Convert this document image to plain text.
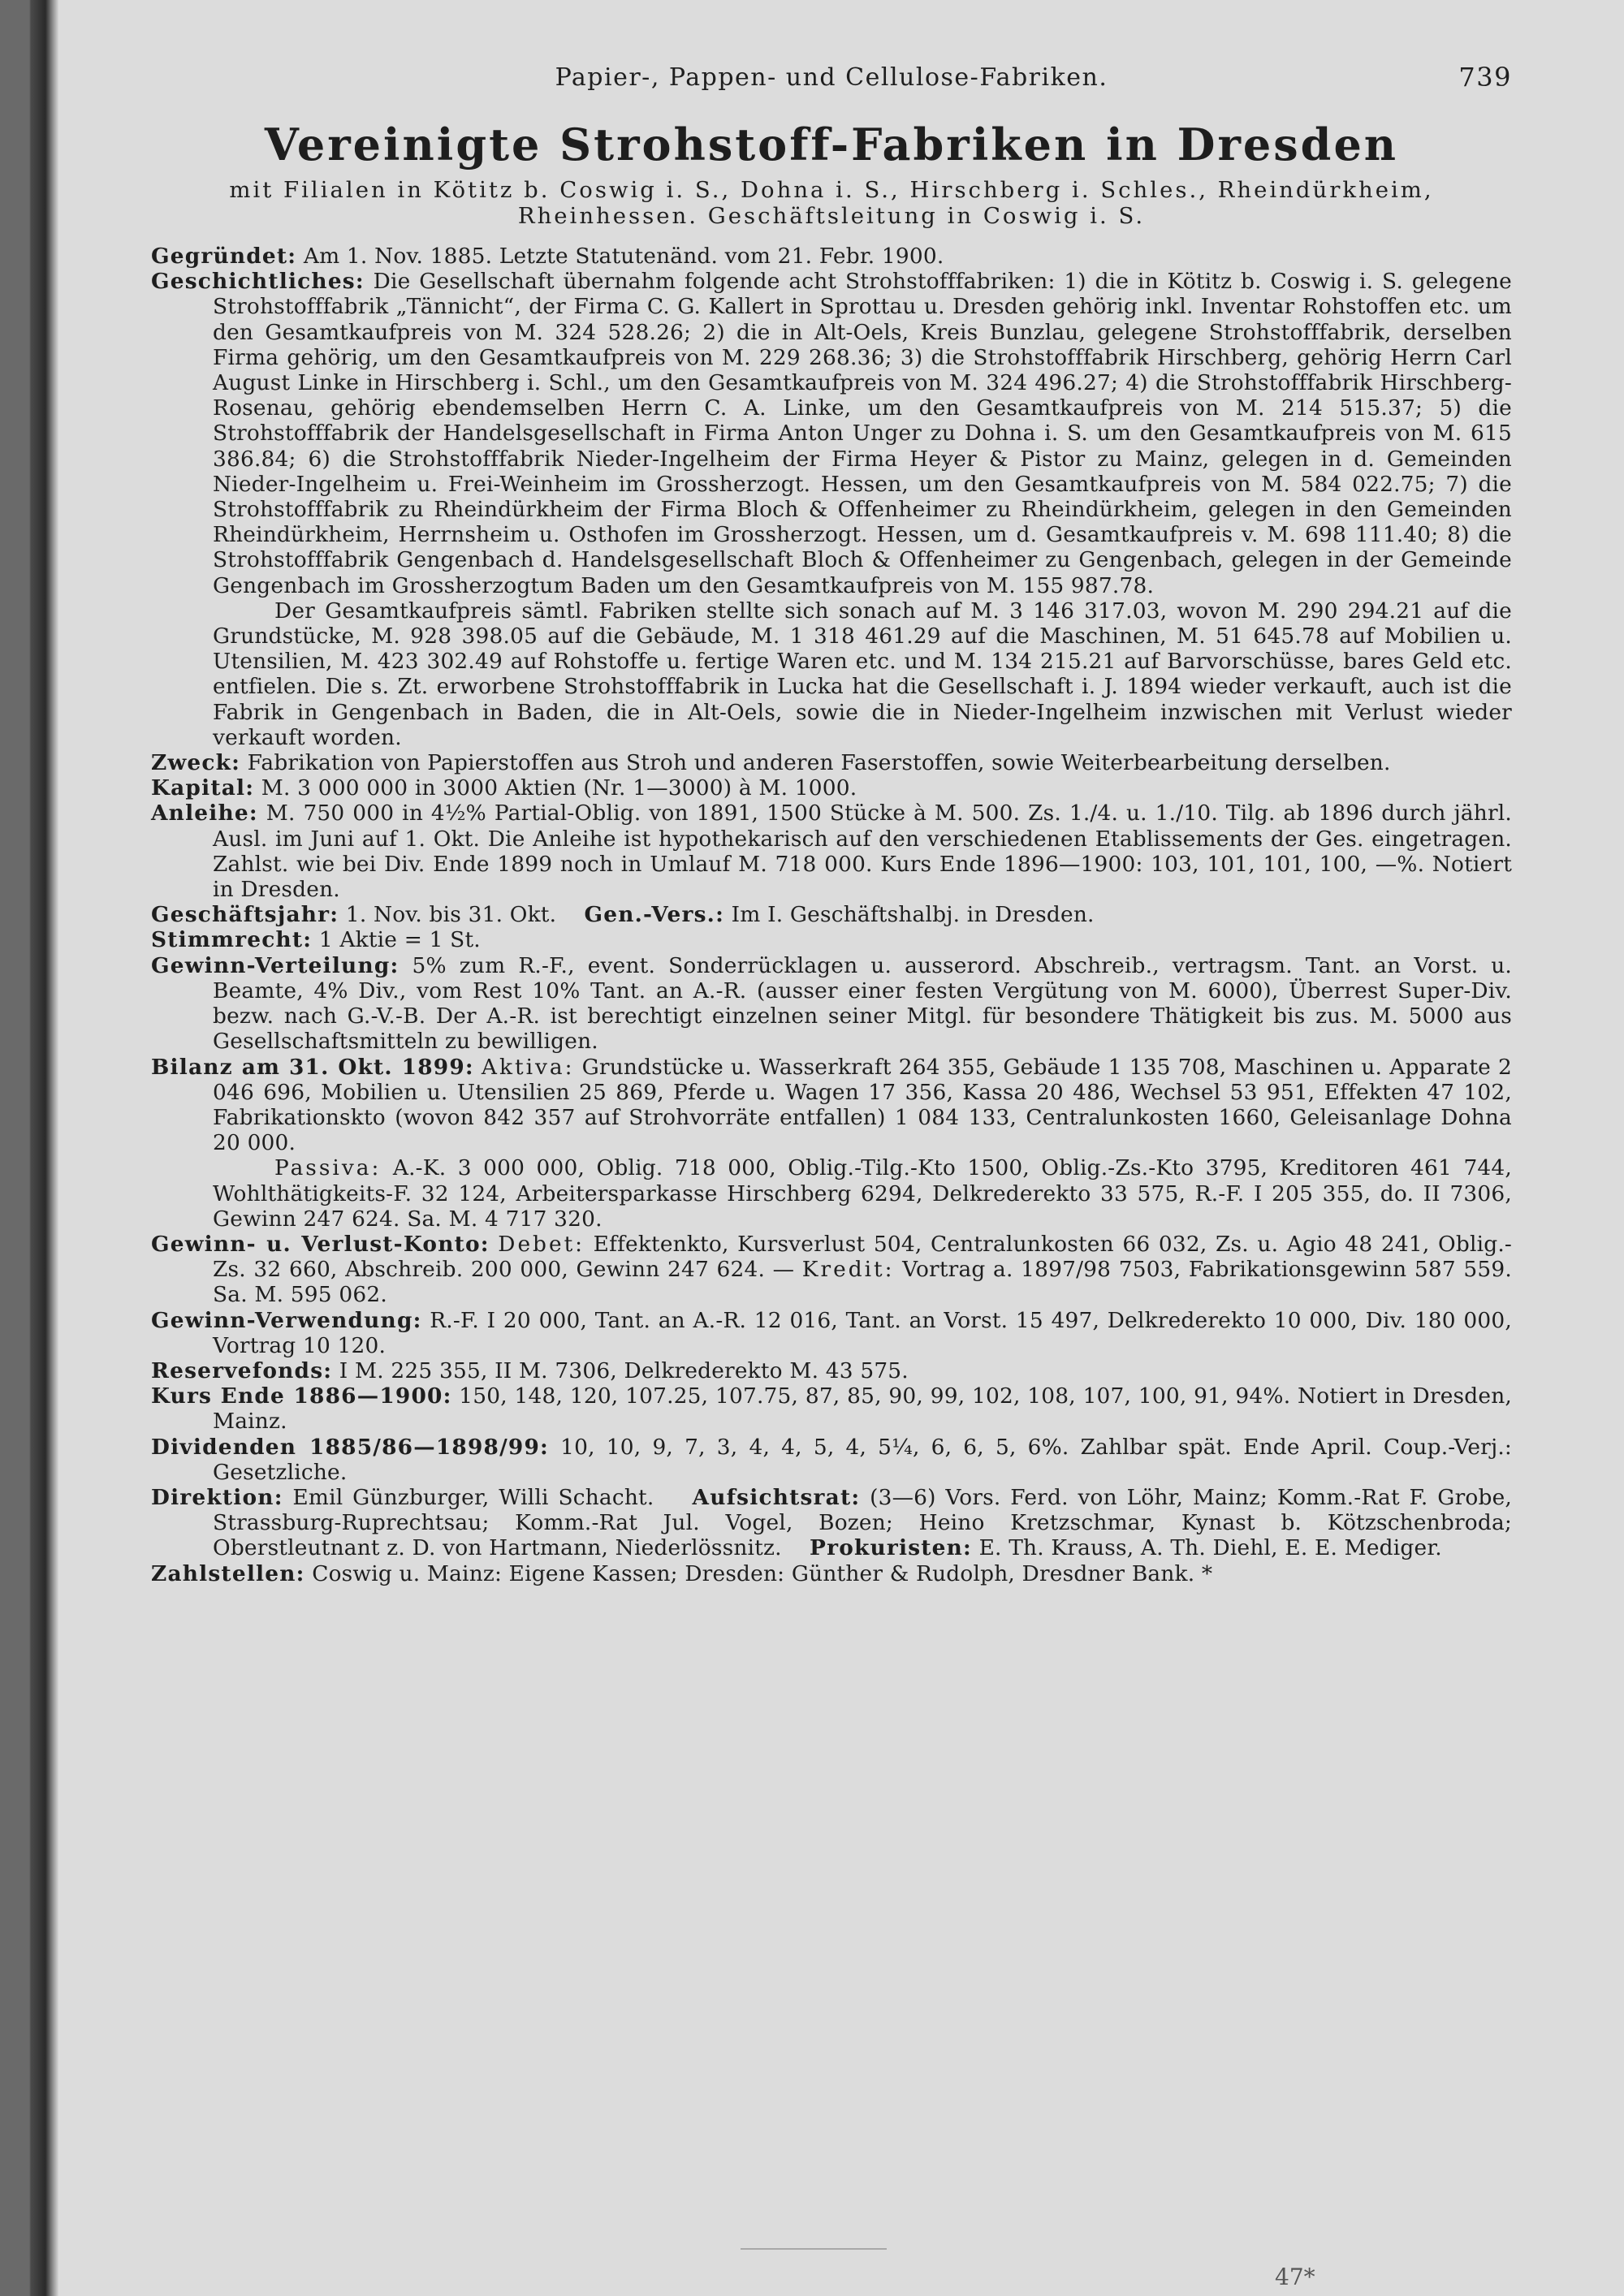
Papier-, Pappen- und Cellulose-Fabriken.	739
Vereinigte Strohstoff-Fabriken in Dresden
mit Filialen in Kötitz b. Coswig i. S., Dohna i. S., Hirschberg i. Schles., Rheindürkheim, Rheinhessen. Geschäftsleitung in Coswig i. S.

Gegründet: Am 1. Nov. 1885. Letzte Statutenänd. vom 21. Febr. 1900.

Geschichtliches: Die Gesellschaft übernahm folgende acht Strohstofffabriken: 1) die in Kötitz b. Coswig i. S. gelegene Strohstofffabrik „Tännicht“, der Firma C. G. Kallert in Sprottau u. Dresden gehörig inkl. Inventar Rohstoffen etc. um den Gesamtkaufpreis von M. 324 528.26; 2) die in Alt-Oels, Kreis Bunzlau, gelegene Strohstofffabrik, derselben Firma gehörig, um den Gesamtkaufpreis von M. 229 268.36; 3) die Strohstofffabrik Hirschberg, gehörig Herrn Carl August Linke in Hirschberg i. Schl., um den Gesamtkaufpreis von M. 324 496.27; 4) die Strohstofffabrik Hirschberg-Rosenau, gehörig ebendemselben Herrn C. A. Linke, um den Gesamtkaufpreis von M. 214 515.37; 5) die Strohstofffabrik der Handelsgesellschaft in Firma Anton Unger zu Dohna i. S. um den Gesamtkaufpreis von M. 615 386.84; 6) die Strohstofffabrik Nieder-Ingelheim der Firma Heyer & Pistor zu Mainz, gelegen in d. Gemeinden Nieder-Ingelheim u. Frei-Weinheim im Grossherzogt. Hessen, um den Gesamtkaufpreis von M. 584 022.75; 7) die Strohstofffabrik zu Rheindürkheim der Firma Bloch & Offenheimer zu Rheindürkheim, gelegen in den Gemeinden Rheindürkheim, Herrnsheim u. Osthofen im Grossherzogt. Hessen, um d. Gesamtkaufpreis v. M. 698 111.40; 8) die Strohstofffabrik Gengenbach d. Handelsgesellschaft Bloch & Offenheimer zu Gengenbach, gelegen in der Gemeinde Gengenbach im Grossherzogtum Baden um den Gesamtkaufpreis von M. 155 987.78.

Der Gesamtkaufpreis sämtl. Fabriken stellte sich sonach auf M. 3 146 317.03, wovon M. 290 294.21 auf die Grundstücke, M. 928 398.05 auf die Gebäude, M. 1 318 461.29 auf die Maschinen, M. 51 645.78 auf Mobilien u. Utensilien, M. 423 302.49 auf Rohstoffe u. fertige Waren etc. und M. 134 215.21 auf Barvorschüsse, bares Geld etc. entfielen. Die s. Zt. erworbene Strohstofffabrik in Lucka hat die Gesellschaft i. J. 1894 wieder verkauft, auch ist die Fabrik in Gengenbach in Baden, die in Alt-Oels, sowie die in Nieder-Ingelheim inzwischen mit Verlust wieder verkauft worden.

Zweck: Fabrikation von Papierstoffen aus Stroh und anderen Faserstoffen, sowie Weiterbearbeitung derselben.

Kapital: M. 3 000 000 in 3000 Aktien (Nr. 1—3000) à M. 1000.

Anleihe: M. 750 000 in 4½% Partial-Oblig. von 1891, 1500 Stücke à M. 500. Zs. 1./4. u. 1./10. Tilg. ab 1896 durch jährl. Ausl. im Juni auf 1. Okt. Die Anleihe ist hypothekarisch auf den verschiedenen Etablissements der Ges. eingetragen. Zahlst. wie bei Div. Ende 1899 noch in Umlauf M. 718 000. Kurs Ende 1896—1900: 103, 101, 101, 100, —%. Notiert in Dresden.

Geschäftsjahr: 1. Nov. bis 31. Okt. Gen.-Vers.: Im I. Geschäftshalbj. in Dresden.

Stimmrecht: 1 Aktie = 1 St.

Gewinn-Verteilung: 5% zum R.-F., event. Sonderrücklagen u. ausserord. Abschreib., vertragsm. Tant. an Vorst. u. Beamte, 4% Div., vom Rest 10% Tant. an A.-R. (ausser einer festen Vergütung von M. 6000), Überrest Super-Div. bezw. nach G.-V.-B. Der A.-R. ist berechtigt einzelnen seiner Mitgl. für besondere Thätigkeit bis zus. M. 5000 aus Gesellschaftsmitteln zu bewilligen.

Bilanz am 31. Okt. 1899: Aktiva: Grundstücke u. Wasserkraft 264 355, Gebäude 1 135 708, Maschinen u. Apparate 2 046 696, Mobilien u. Utensilien 25 869, Pferde u. Wagen 17 356, Kassa 20 486, Wechsel 53 951, Effekten 47 102, Fabrikationskto (wovon 842 357 auf Strohvorräte entfallen) 1 084 133, Centralunkosten 1660, Geleisanlage Dohna 20 000.

Passiva: A.-K. 3 000 000, Oblig. 718 000, Oblig.-Tilg.-Kto 1500, Oblig.-Zs.-Kto 3795, Kreditoren 461 744, Wohlthätigkeits-F. 32 124, Arbeitersparkasse Hirschberg 6294, Delkrederekto 33 575, R.-F. I 205 355, do. II 7306, Gewinn 247 624. Sa. M. 4 717 320.

Gewinn- u. Verlust-Konto: Debet: Effektenkto, Kursverlust 504, Centralunkosten 66 032, Zs. u. Agio 48 241, Oblig.-Zs. 32 660, Abschreib. 200 000, Gewinn 247 624. — Kredit: Vortrag a. 1897/98 7503, Fabrikationsgewinn 587 559. Sa. M. 595 062.

Gewinn-Verwendung: R.-F. I 20 000, Tant. an A.-R. 12 016, Tant. an Vorst. 15 497, Delkrederekto 10 000, Div. 180 000, Vortrag 10 120.

Reservefonds: I M. 225 355, II M. 7306, Delkrederekto M. 43 575.

Kurs Ende 1886—1900: 150, 148, 120, 107.25, 107.75, 87, 85, 90, 99, 102, 108, 107, 100, 91, 94%. Notiert in Dresden, Mainz.

Dividenden 1885/86—1898/99: 10, 10, 9, 7, 3, 4, 4, 5, 4, 5¼, 6, 6, 5, 6%. Zahlbar spät. Ende April. Coup.-Verj.: Gesetzliche.

Direktion: Emil Günzburger, Willi Schacht. Aufsichtsrat: (3—6) Vors. Ferd. von Löhr, Mainz; Komm.-Rat F. Grobe, Strassburg-Ruprechtsau; Komm.-Rat Jul. Vogel, Bozen; Heino Kretzschmar, Kynast b. Kötzschenbroda; Oberstleutnant z. D. von Hartmann, Niederlössnitz. Prokuristen: E. Th. Krauss, A. Th. Diehl, E. E. Mediger.

Zahlstellen: Coswig u. Mainz: Eigene Kassen; Dresden: Günther & Rudolph, Dresdner Bank. *

47*
